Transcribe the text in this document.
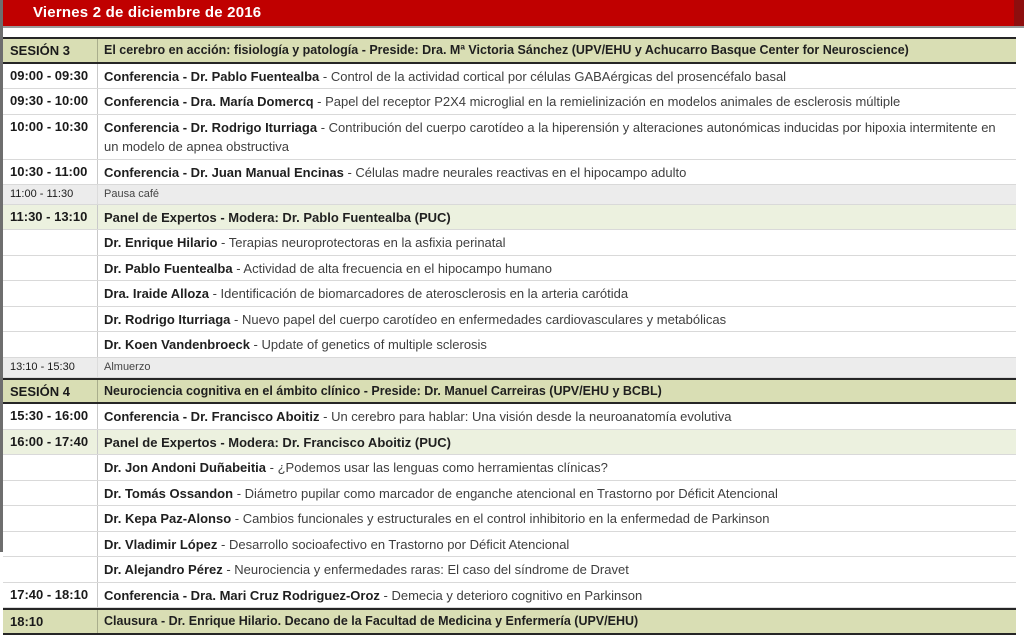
Viernes 2 de diciembre de 2016
SESIÓN 3	El cerebro en acción: fisiología y patología - Preside: Dra. Mª Victoria Sánchez (UPV/EHU y Achucarro Basque Center for Neuroscience)
09:00 - 09:30	Conferencia - Dr. Pablo Fuentealba - Control de la actividad cortical por células GABAérgicas del prosencéfalo basal
09:30 - 10:00	Conferencia - Dra. María Domercq - Papel del receptor P2X4 microglial en la remielinización en modelos animales de esclerosis múltiple
10:00 - 10:30	Conferencia - Dr. Rodrigo Iturriaga - Contribución del cuerpo carotídeo a la hiperensión y alteraciones autonómicas inducidas por hipoxia intermitente en un modelo de apnea obstructiva
10:30 - 11:00	Conferencia - Dr. Juan Manual Encinas - Células madre neurales reactivas en el hipocampo adulto
11:00 - 11:30	Pausa café
11:30 - 13:10	Panel de Expertos - Modera: Dr. Pablo Fuentealba (PUC)
Dr. Enrique Hilario - Terapias neuroprotectoras en la asfixia perinatal
Dr. Pablo Fuentealba - Actividad de alta frecuencia en el hipocampo humano
Dra. Iraide Alloza - Identificación de biomarcadores de aterosclerosis en la arteria carótida
Dr. Rodrigo Iturriaga - Nuevo papel del cuerpo carotídeo en enfermedades cardiovasculares y metabólicas
Dr. Koen Vandenbroeck - Update of genetics of multiple sclerosis
13:10 - 15:30	Almuerzo
SESIÓN 4	Neurociencia cognitiva en el ámbito clínico - Preside: Dr. Manuel Carreiras (UPV/EHU y BCBL)
15:30 - 16:00	Conferencia - Dr. Francisco Aboitiz - Un cerebro para hablar: Una visión desde la neuroanatomía evolutiva
16:00 - 17:40	Panel de Expertos - Modera: Dr. Francisco Aboitiz (PUC)
Dr. Jon Andoni Duñabeitia - ¿Podemos usar las lenguas como herramientas clínicas?
Dr. Tomás Ossandon - Diámetro pupilar como marcador de enganche atencional en Trastorno por Déficit Atencional
Dr. Kepa Paz-Alonso - Cambios funcionales y estructurales en el control inhibitorio en la enfermedad de Parkinson
Dr. Vladimir López - Desarrollo socioafectivo en Trastorno por Déficit Atencional
Dr. Alejandro Pérez - Neurociencia y enfermedades raras: El caso del síndrome de Dravet
17:40 - 18:10	Conferencia - Dra. Mari Cruz Rodriguez-Oroz - Demecia y deterioro cognitivo en Parkinson
18:10	Clausura - Dr. Enrique Hilario. Decano de la Facultad de Medicina y Enfermería (UPV/EHU)
